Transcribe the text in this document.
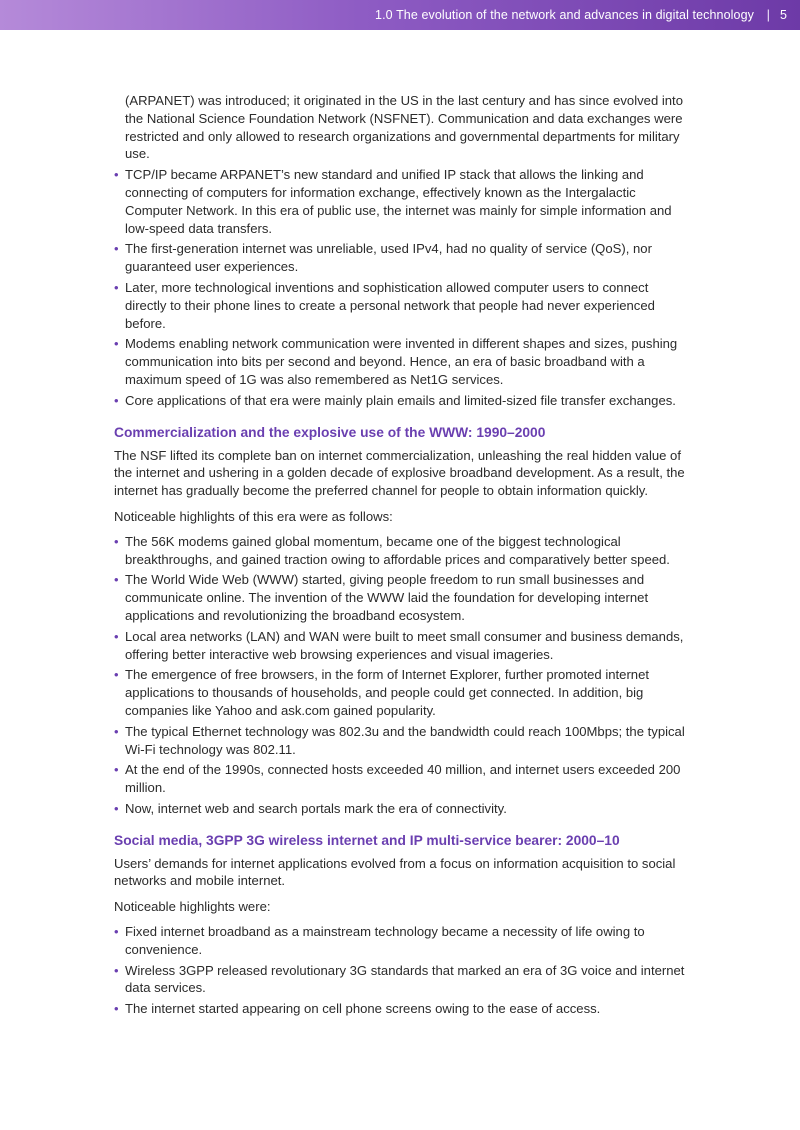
1.0 The evolution of the network and advances in digital technology | 5

(ARPANET) was introduced; it originated in the US in the last century and has since evolved into the National Science Foundation Network (NSFNET). Communication and data exchanges were restricted and only allowed to research organizations and governmental departments for military use.

• TCP/IP became ARPANET’s new standard and unified IP stack that allows the linking and connecting of computers for information exchange, effectively known as the Intergalactic Computer Network. In this era of public use, the internet was mainly for simple information and low-speed data transfers.

• The first-generation internet was unreliable, used IPv4, had no quality of service (QoS), nor guaranteed user experiences.

• Later, more technological inventions and sophistication allowed computer users to connect directly to their phone lines to create a personal network that people had never experienced before.

• Modems enabling network communication were invented in different shapes and sizes, pushing communication into bits per second and beyond. Hence, an era of basic broadband with a maximum speed of 1G was also remembered as Net1G services.

• Core applications of that era were mainly plain emails and limited-sized file transfer exchanges.

Commercialization and the explosive use of the WWW: 1990–2000

The NSF lifted its complete ban on internet commercialization, unleashing the real hidden value of the internet and ushering in a golden decade of explosive broadband development. As a result, the internet has gradually become the preferred channel for people to obtain information quickly.

Noticeable highlights of this era were as follows:

• The 56K modems gained global momentum, became one of the biggest technological breakthroughs, and gained traction owing to affordable prices and comparatively better speed.

• The World Wide Web (WWW) started, giving people freedom to run small businesses and communicate online. The invention of the WWW laid the foundation for developing internet applications and revolutionizing the broadband ecosystem.

• Local area networks (LAN) and WAN were built to meet small consumer and business demands, offering better interactive web browsing experiences and visual imageries.

• The emergence of free browsers, in the form of Internet Explorer, further promoted internet applications to thousands of households, and people could get connected. In addition, big companies like Yahoo and ask.com gained popularity.

• The typical Ethernet technology was 802.3u and the bandwidth could reach 100Mbps; the typical Wi-Fi technology was 802.11.

• At the end of the 1990s, connected hosts exceeded 40 million, and internet users exceeded 200 million.

• Now, internet web and search portals mark the era of connectivity.

Social media, 3GPP 3G wireless internet and IP multi-service bearer: 2000–10

Users’ demands for internet applications evolved from a focus on information acquisition to social networks and mobile internet.

Noticeable highlights were:

• Fixed internet broadband as a mainstream technology became a necessity of life owing to convenience.

• Wireless 3GPP released revolutionary 3G standards that marked an era of 3G voice and internet data services.

• The internet started appearing on cell phone screens owing to the ease of access.
